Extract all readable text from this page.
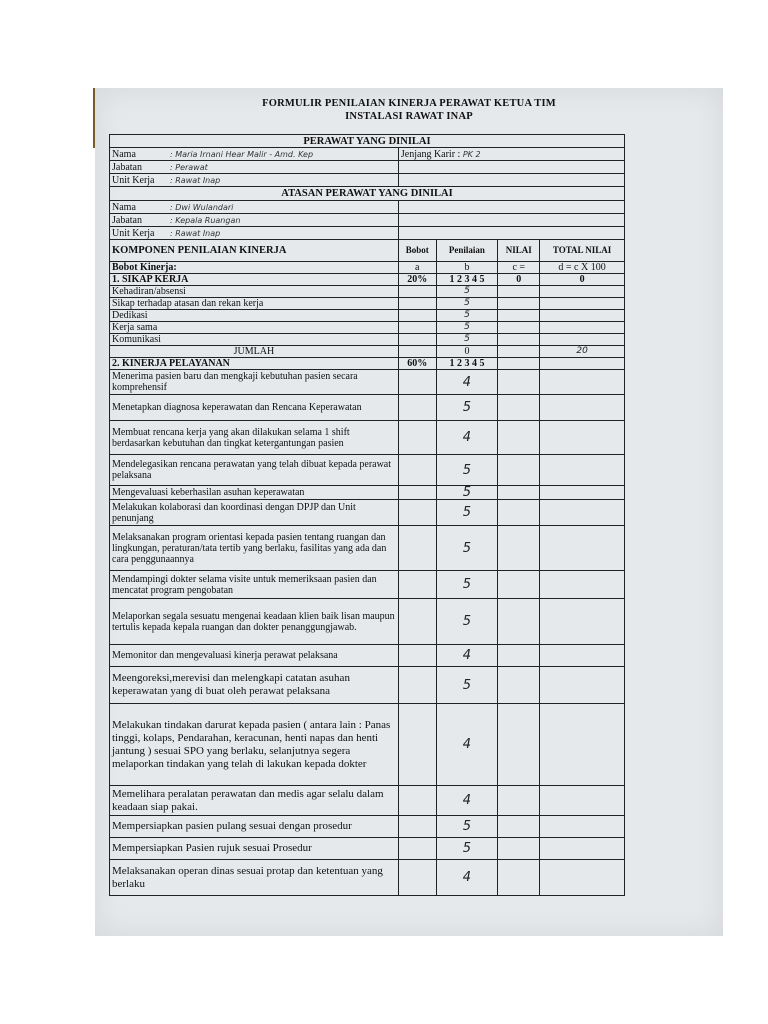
FORMULIR PENILAIAN KINERJA PERAWAT KETUA TIM
INSTALASI RAWAT INAP
PERAWAT YANG DINILAI				
Nama : Maria Irnani Hear Malir - Amd. Kep	Jenjang Karir : PK 2			
Jabatan : Perawat				
Unit Kerja : Rawat Inap				
ATASAN PERAWAT YANG DINILAI				
Nama : Dwi Wulandari				
Jabatan : Kepala Ruangan				
Unit Kerja : Rawat Inap				
KOMPONEN PENILAIAN KINERJA	Bobot	Penilaian	NILAI	TOTAL NILAI
Bobot Kinerja:	a	b	c =	d = c X 100
1. SIKAP KERJA	20%	1 2 3 4 5	0	0
Kehadiran/absensi		5		
Sikap terhadap atasan dan rekan kerja		5		
Dedikasi		5		
Kerja sama		5		
Komunikasi		5		
JUMLAH		0		20
2. KINERJA PELAYANAN	60%	1 2 3 4 5		
Menerima pasien baru dan mengkaji kebutuhan pasien secara komprehensif		4		
Menetapkan diagnosa keperawatan dan Rencana Keperawatan		5		
Membuat rencana kerja yang akan dilakukan selama 1 shift berdasarkan kebutuhan dan tingkat ketergantungan pasien		4		
Mendelegasikan rencana perawatan yang telah dibuat kepada perawat pelaksana		5		
Mengevaluasi keberhasilan asuhan keperawatan		5		
Melakukan kolaborasi dan koordinasi dengan DPJP dan Unit penunjang		5		
Melaksanakan program orientasi kepada pasien tentang ruangan dan lingkungan, peraturan/tata tertib yang berlaku, fasilitas yang ada dan cara penggunaannya		5		
Mendampingi dokter selama visite untuk memeriksaan pasien dan mencatat program pengobatan		5		
Melaporkan segala sesuatu mengenai keadaan klien baik lisan maupun tertulis kepada kepala ruangan dan dokter penanggungjawab.		5		
Memonitor dan mengevaluasi kinerja perawat pelaksana		4		
Meengoreksi,merevisi dan melengkapi catatan asuhan keperawatan yang di buat oleh perawat pelaksana		5		
Melakukan tindakan darurat kepada pasien ( antara lain : Panas tinggi, kolaps, Pendarahan, keracunan, henti napas dan henti jantung ) sesuai SPO yang berlaku, selanjutnya segera melaporkan tindakan yang telah di lakukan kepada dokter		4		
Memelihara peralatan perawatan dan medis agar selalu dalam keadaan siap pakai.		4		
Mempersiapkan pasien pulang sesuai dengan prosedur		5		
Mempersiapkan Pasien rujuk sesuai Prosedur		5		
Melaksanakan operan dinas sesuai protap dan ketentuan yang berlaku		4		
